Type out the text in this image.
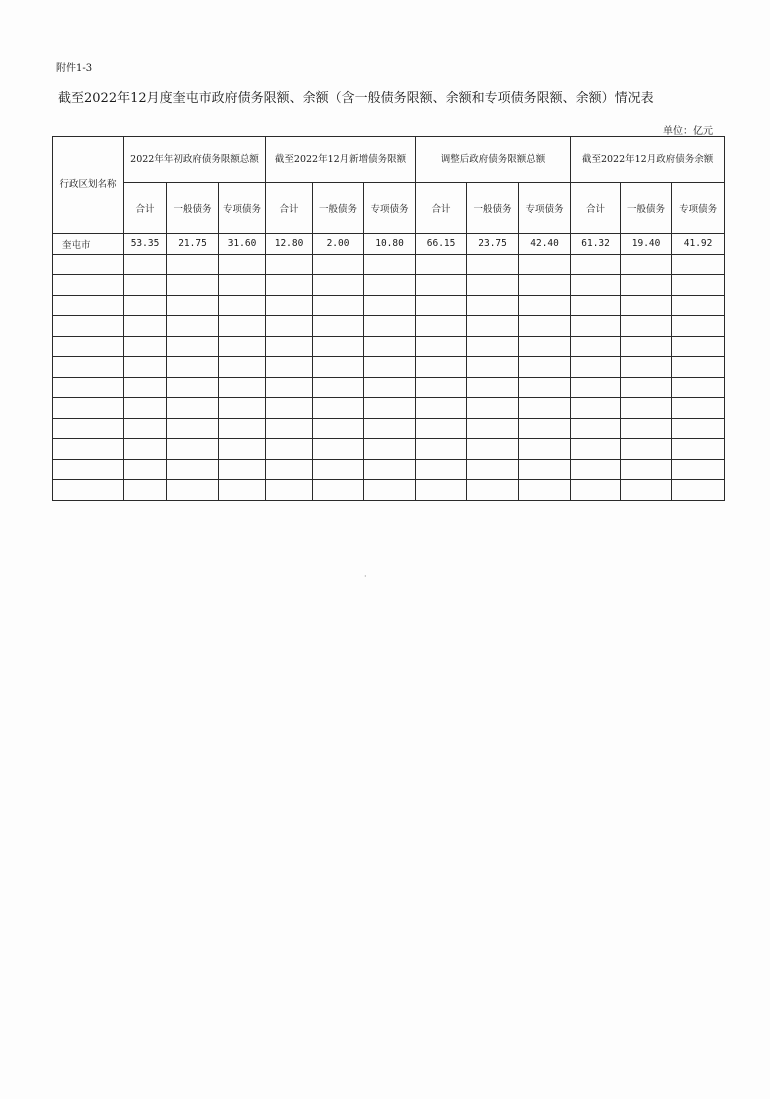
附件1-3
截至2022年12月度奎屯市政府债务限额、余额（含一般债务限额、余额和专项债务限额、余额）情况表
单位：亿元
行政区划名称	2022年年初政府债务限额总额			截至2022年12月新增债务限额			调整后政府债务限额总额			截至2022年12月政府债务余额		
	合计	一般债务	专项债务	合计	一般债务	专项债务	合计	一般债务	专项债务	合计	一般债务	专项债务
奎屯市	53.35	21.75	31.60	12.80	2.00	10.80	66.15	23.75	42.40	61.32	19.40	41.92

·
